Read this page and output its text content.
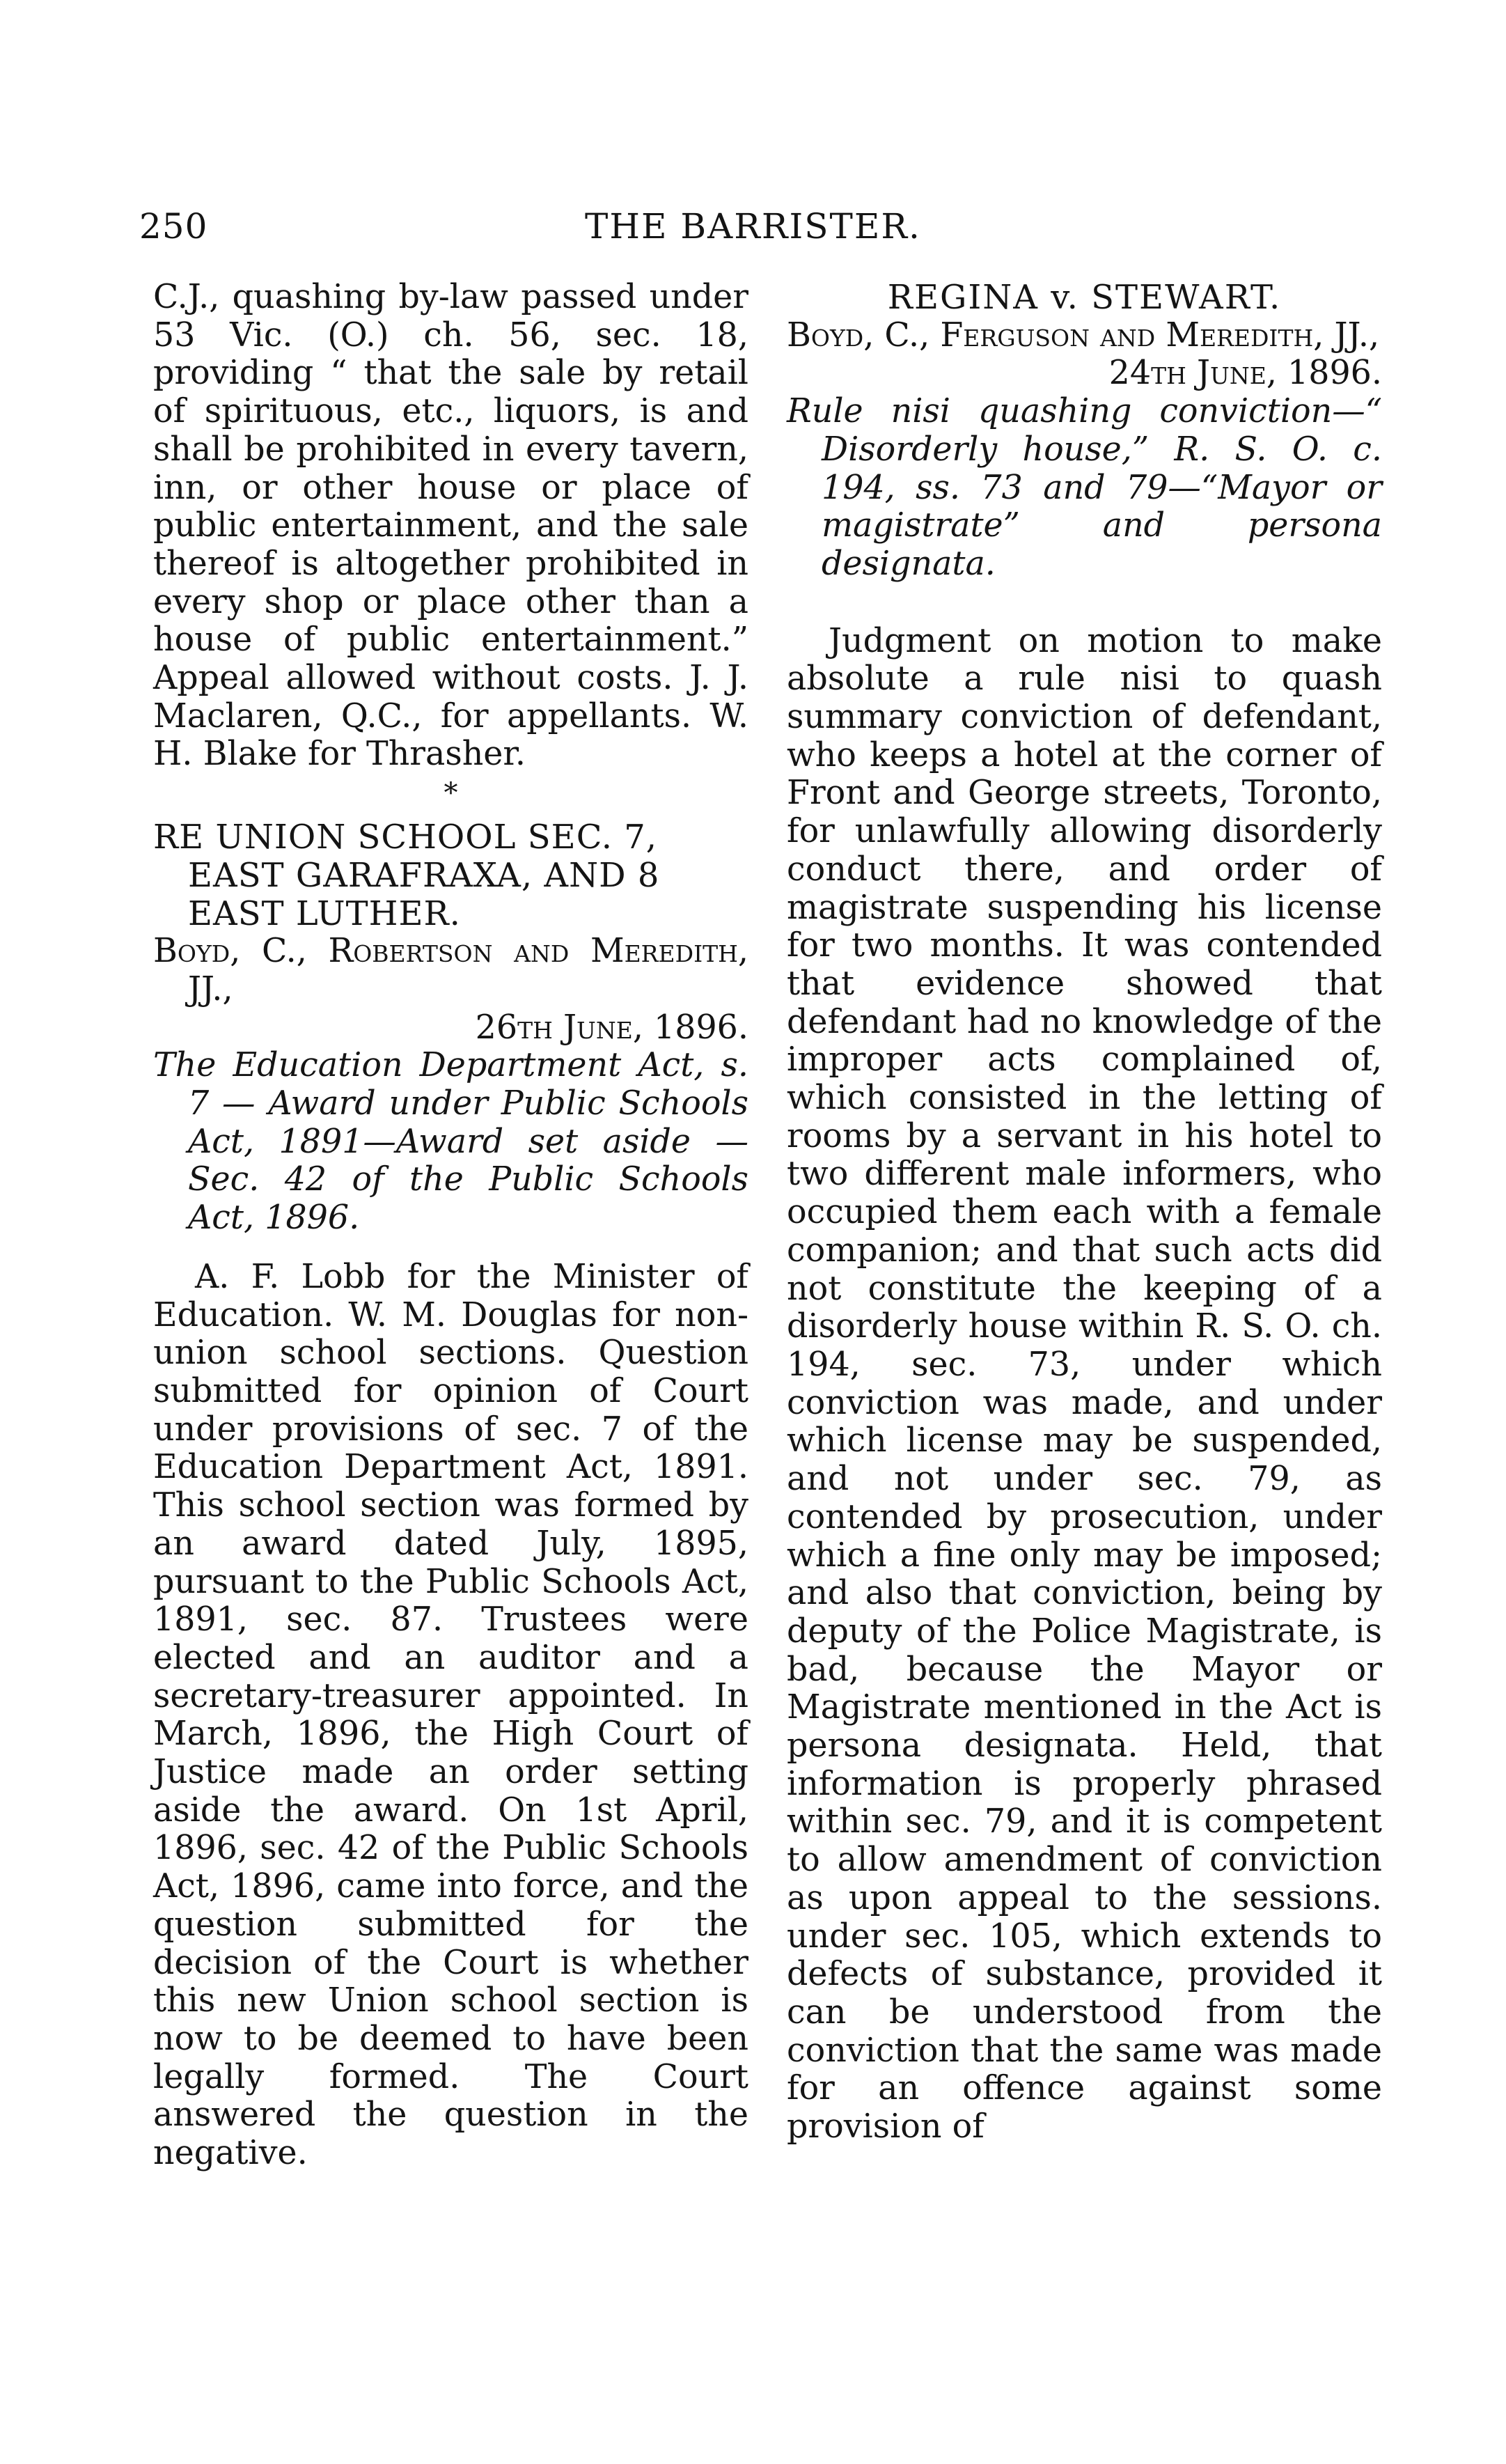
250	THE BARRISTER.

C.J., quashing by-law passed under 53 Vic. (O.) ch. 56, sec. 18, providing “ that the sale by retail of spirituous, etc., liquors, is and shall be prohibited in every tavern, inn, or other house or place of public entertainment, and the sale thereof is altogether prohibited in every shop or place other than a house of public entertainment.” Appeal allowed without costs. J. J. Maclaren, Q.C., for appellants. W. H. Blake for Thrasher.

*

RE UNION SCHOOL SEC. 7, EAST GARAFRAXA, AND 8 EAST LUTHER.

Boyd, C., Robertson and Meredith, JJ.,
26th June, 1896.

The Education Department Act, s. 7 — Award under Public Schools Act, 1891—Award set aside — Sec. 42 of the Public Schools Act, 1896.

A. F. Lobb for the Minister of Education. W. M. Douglas for non-union school sections. Question submitted for opinion of Court under provisions of sec. 7 of the Education Department Act, 1891. This school section was formed by an award dated July, 1895, pursuant to the Public Schools Act, 1891, sec. 87. Trustees were elected and an auditor and a secretary-treasurer appointed. In March, 1896, the High Court of Justice made an order setting aside the award. On 1st April, 1896, sec. 42 of the Public Schools Act, 1896, came into force, and the question submitted for the decision of the Court is whether this new Union school section is now to be deemed to have been legally formed. The Court answered the question in the negative.

REGINA v. STEWART.

Boyd, C., Ferguson and Meredith, JJ.,
24th June, 1896.

Rule nisi quashing conviction—“ Disorderly house,” R. S. O. c. 194, ss. 73 and 79—“Mayor or magistrate” and persona designata.

Judgment on motion to make absolute a rule nisi to quash summary conviction of defendant, who keeps a hotel at the corner of Front and George streets, Toronto, for unlawfully allowing disorderly conduct there, and order of magistrate suspending his license for two months. It was contended that evidence showed that defendant had no knowledge of the improper acts complained of, which consisted in the letting of rooms by a servant in his hotel to two different male informers, who occupied them each with a female companion; and that such acts did not constitute the keeping of a disorderly house within R. S. O. ch. 194, sec. 73, under which conviction was made, and under which license may be suspended, and not under sec. 79, as contended by prosecution, under which a fine only may be imposed; and also that conviction, being by deputy of the Police Magistrate, is bad, because the Mayor or Magistrate mentioned in the Act is persona designata. Held, that information is properly phrased within sec. 79, and it is competent to allow amendment of conviction as upon appeal to the sessions. under sec. 105, which extends to defects of substance, provided it can be understood from the conviction that the same was made for an offence against some provision of
